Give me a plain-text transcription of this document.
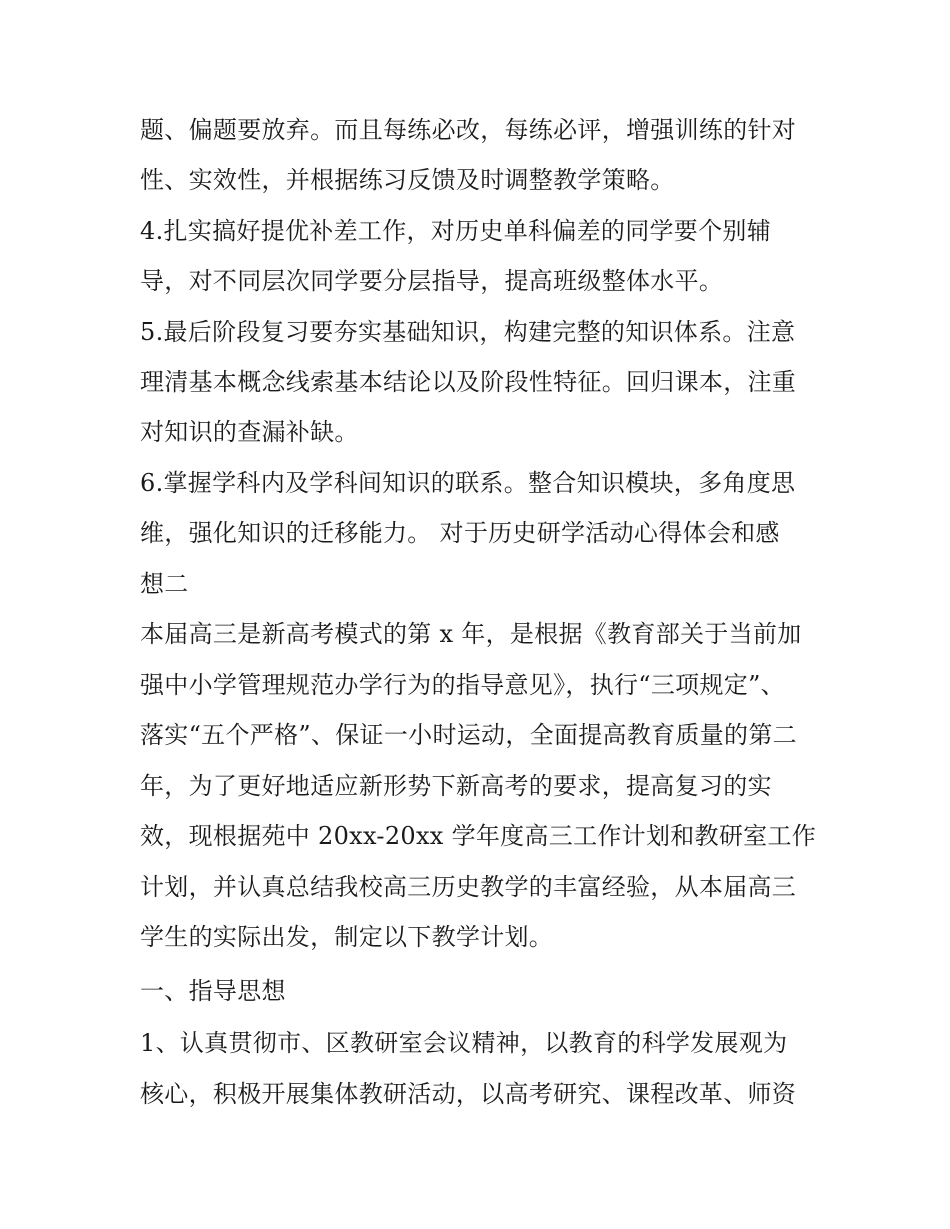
题、偏题要放弃。而且每练必改，每练必评，增强训练的针对
性、实效性，并根据练习反馈及时调整教学策略。
4.扎实搞好提优补差工作，对历史单科偏差的同学要个别辅
导，对不同层次同学要分层指导，提高班级整体水平。
5.最后阶段复习要夯实基础知识，构建完整的知识体系。注意
理清基本概念线索基本结论以及阶段性特征。回归课本，注重
对知识的查漏补缺。
6.掌握学科内及学科间知识的联系。整合知识模块，多角度思
维，强化知识的迁移能力。 对于历史研学活动心得体会和感
想二
本届高三是新高考模式的第 x 年，是根据《教育部关于当前加
强中小学管理规范办学行为的指导意见》，执行“三项规定”、
落实“五个严格”、保证一小时运动，全面提高教育质量的第二
年，为了更好地适应新形势下新高考的要求，提高复习的实
效，现根据苑中 20xx-20xx 学年度高三工作计划和教研室工作
计划，并认真总结我校高三历史教学的丰富经验，从本届高三
学生的实际出发，制定以下教学计划。
一、指导思想
1、认真贯彻市、区教研室会议精神，以教育的科学发展观为
核心，积极开展集体教研活动，以高考研究、课程改革、师资
